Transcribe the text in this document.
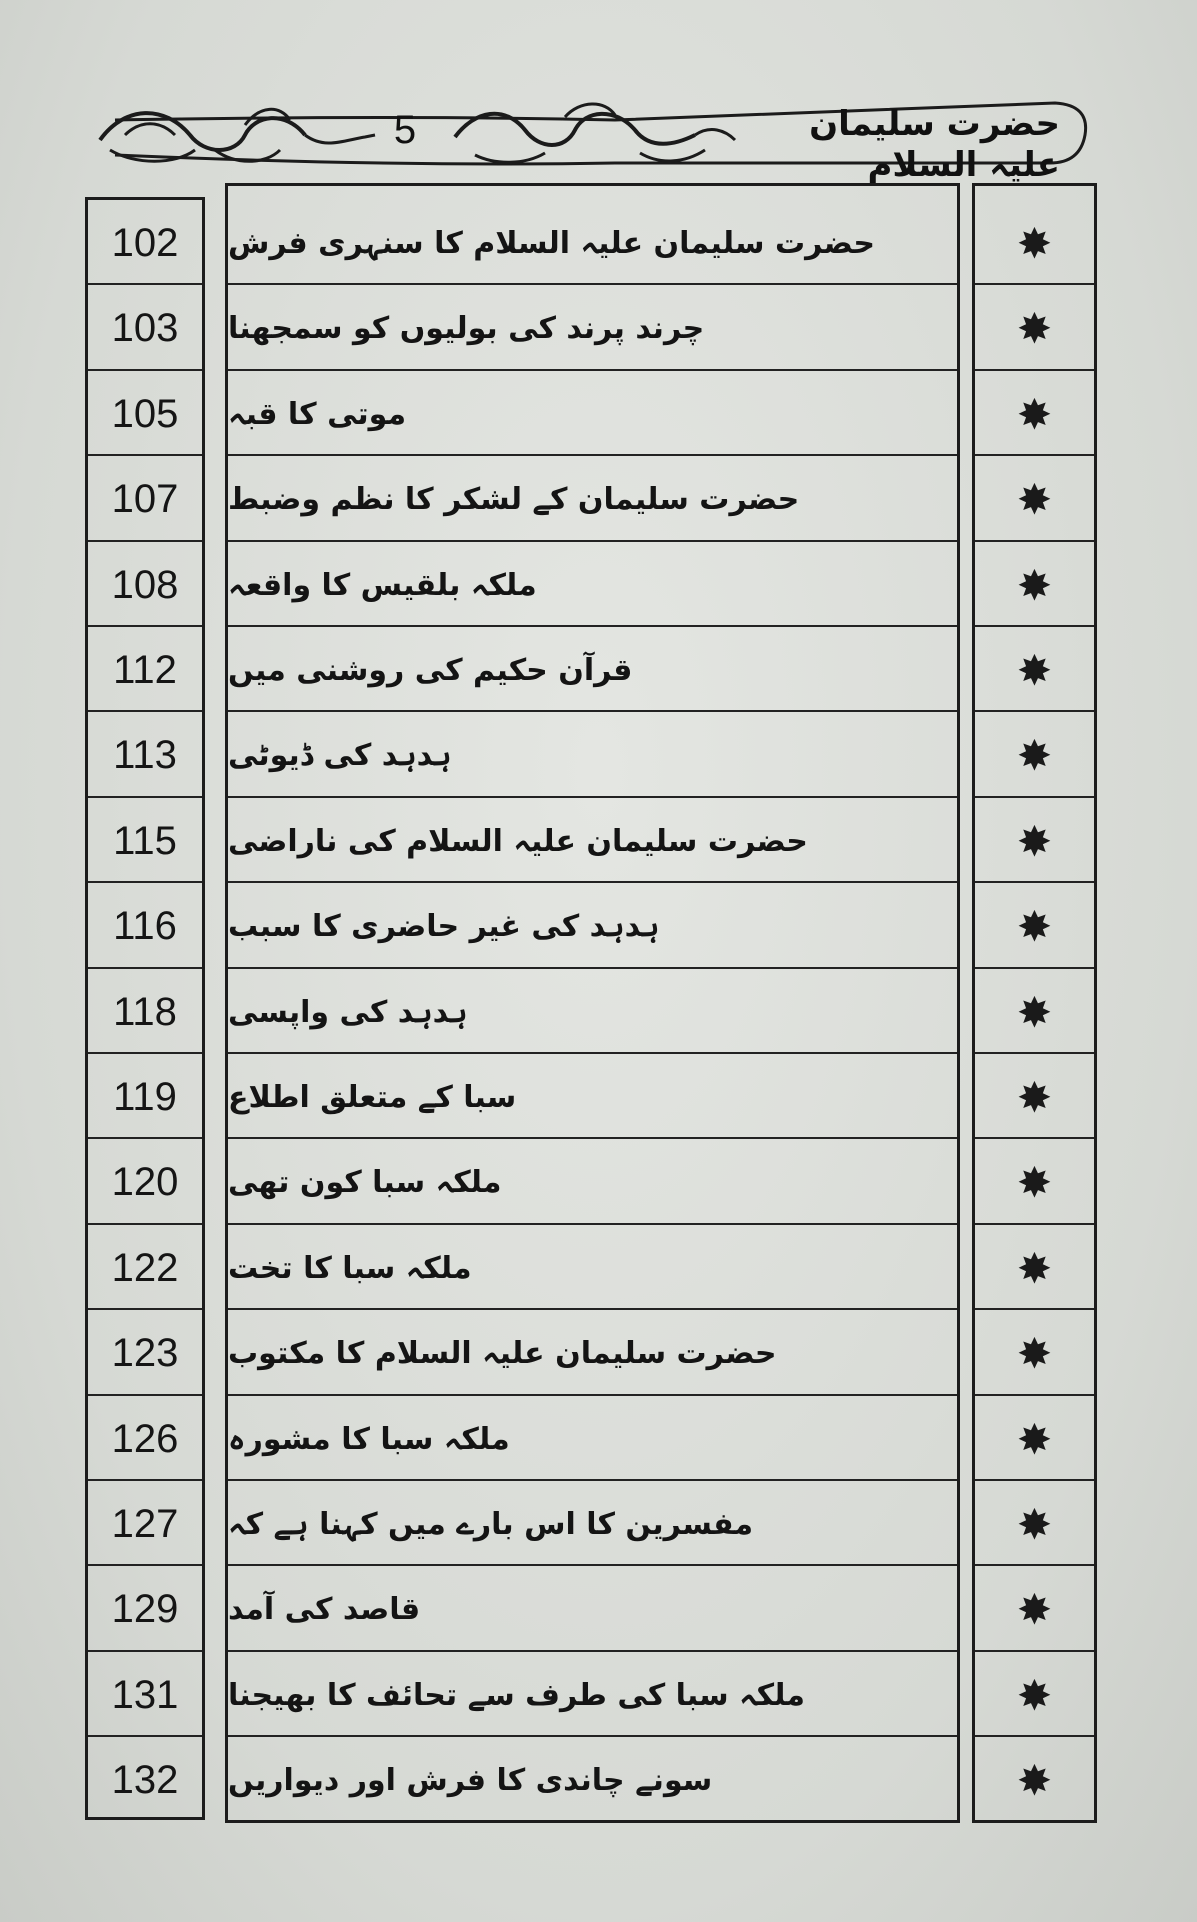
5	حضرت سلیمان علیہ السلام
✸
حضرت سلیمان علیہ السلام کا سنہری فرش
102
✸
چرند پرند کی بولیوں کو سمجھنا
103
✸
موتی کا قبہ
105
✸
حضرت سلیمان کے لشکر کا نظم وضبط
107
✸
ملکہ بلقیس کا واقعہ
108
✸
قرآن حکیم کی روشنی میں
112
✸
ہدہد کی ڈیوٹی
113
✸
حضرت سلیمان علیہ السلام کی ناراضی
115
✸
ہدہد کی غیر حاضری کا سبب
116
✸
ہدہد کی واپسی
118
✸
سبا کے متعلق اطلاع
119
✸
ملکہ سبا کون تھی
120
✸
ملکہ سبا کا تخت
122
✸
حضرت سلیمان علیہ السلام کا مکتوب
123
✸
ملکہ سبا کا مشورہ
126
✸
مفسرین کا اس بارے میں کہنا ہے کہ
127
✸
قاصد کی آمد
129
✸
ملکہ سبا کی طرف سے تحائف کا بھیجنا
131
✸
سونے چاندی کا فرش اور دیواریں
132
